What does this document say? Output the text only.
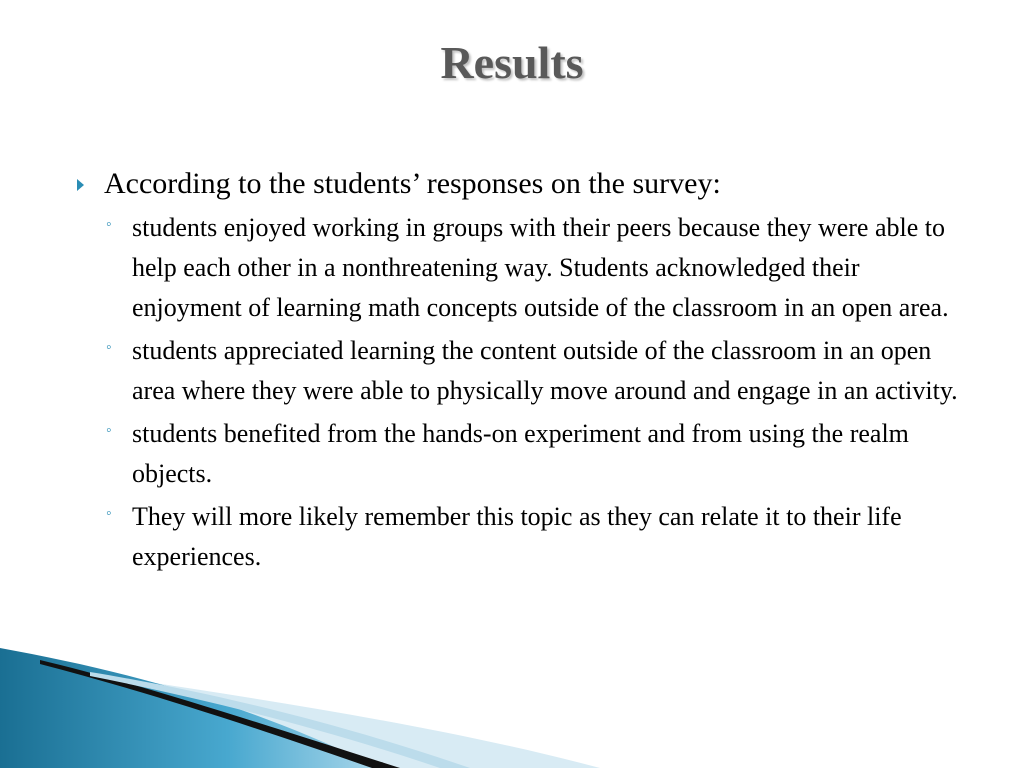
Results

According to the students’ responses on the survey:

◦ students enjoyed working in groups with their peers because they were able to help each other in a nonthreatening way. Students acknowledged their enjoyment of learning math concepts outside of the classroom in an open area.

◦ students appreciated learning the content outside of the classroom in an open area where they were able to physically move around and engage in an activity.

◦ students benefited from the hands-on experiment and from using the realm objects.

◦ They will more likely remember this topic as they can relate it to their life experiences.
